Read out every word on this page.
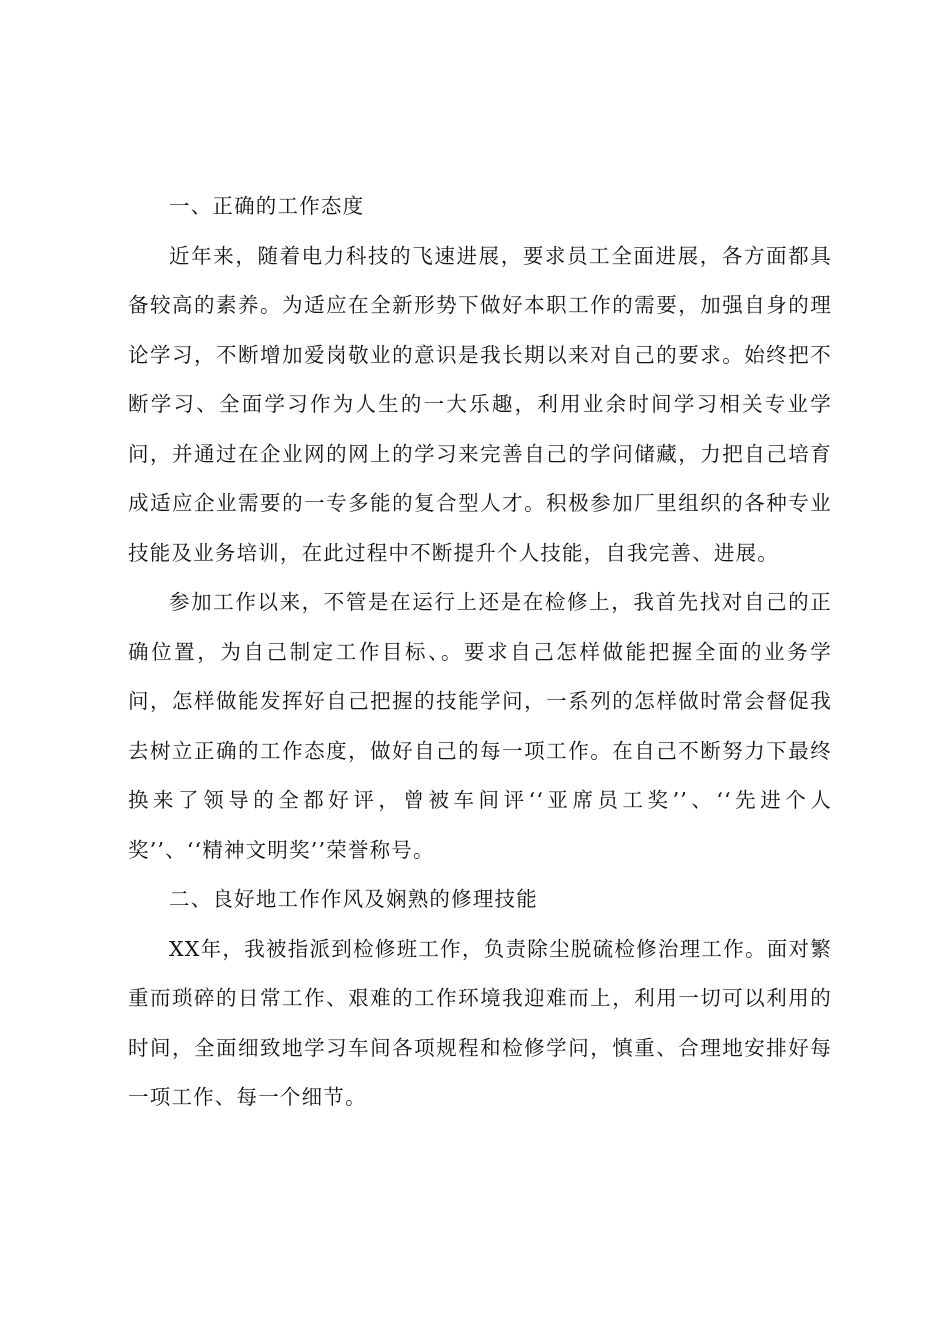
一、正确的工作态度

近年来，随着电力科技的飞速进展，要求员工全面进展，各方面都具备较高的素养。为适应在全新形势下做好本职工作的需要，加强自身的理论学习，不断增加爱岗敬业的意识是我长期以来对自己的要求。始终把不断学习、全面学习作为人生的一大乐趣，利用业余时间学习相关专业学问，并通过在企业网的网上的学习来完善自己的学问储藏，力把自己培育成适应企业需要的一专多能的复合型人才。积极参加厂里组织的各种专业技能及业务培训，在此过程中不断提升个人技能，自我完善、进展。

参加工作以来，不管是在运行上还是在检修上，我首先找对自己的正确位置，为自己制定工作目标、。要求自己怎样做能把握全面的业务学问，怎样做能发挥好自己把握的技能学问，一系列的怎样做时常会督促我去树立正确的工作态度，做好自己的每一项工作。在自己不断努力下最终换来了领导的全都好评，曾被车间评‘‘亚席员工奖’’、‘‘先进个人奖’’、‘‘精神文明奖’’荣誉称号。

二、良好地工作作风及娴熟的修理技能

XX年，我被指派到检修班工作，负责除尘脱硫检修治理工作。面对繁重而琐碎的日常工作、艰难的工作环境我迎难而上，利用一切可以利用的时间，全面细致地学习车间各项规程和检修学问，慎重、合理地安排好每一项工作、每一个细节。
